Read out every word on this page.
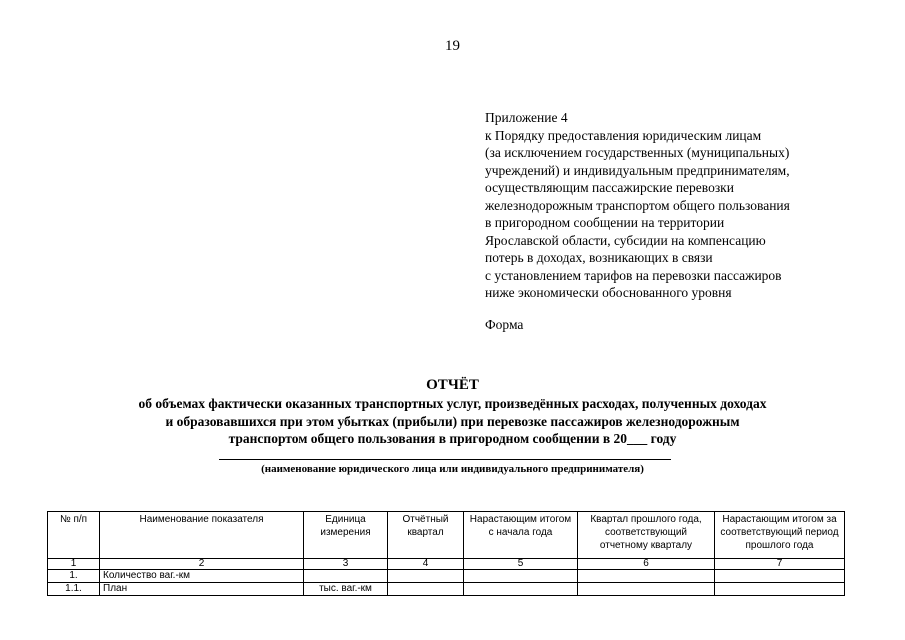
19
Приложение 4
к Порядку предоставления юридическим лицам
(за исключением государственных (муниципальных)
учреждений) и индивидуальным предпринимателям,
осуществляющим пассажирские перевозки
железнодорожным транспортом общего пользования
в пригородном сообщении на территории
Ярославской области, субсидии на компенсацию
потерь в доходах, возникающих в связи
с установлением тарифов на перевозки пассажиров
ниже экономически обоснованного уровня
Форма
ОТЧЁТ
об объемах фактически оказанных транспортных услуг, произведённых расходах, полученных доходах
и образовавшихся при этом убытках (прибыли) при перевозке пассажиров железнодорожным
транспортом общего пользования в пригородном сообщении в 20___ году
(наименование юридического лица или индивидуального предпринимателя)
№ п/п	Наименование показателя	Единица измерения	Отчётный квартал	Нарастающим итогом с начала года	Квартал прошлого года, соответствующий отчетному кварталу	Нарастающим итогом за соответствующий период прошлого года
1	2	3	4	5	6	7
1.	Количество ваг.-км					
1.1.	План	тыс. ваг.-км				
